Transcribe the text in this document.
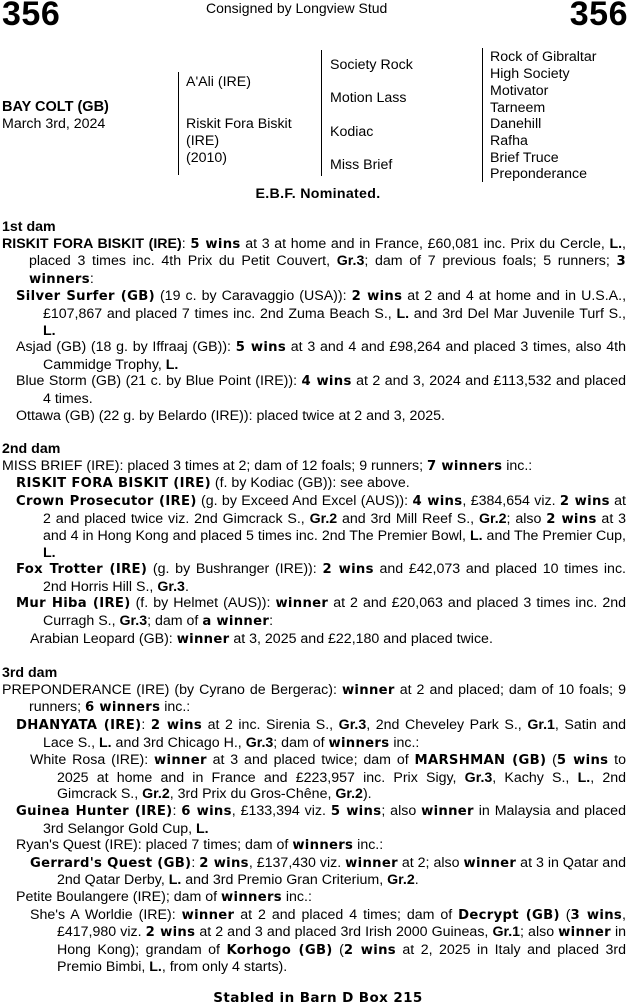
356	356
Consigned by Longview Stud
BAY COLT (GB)
March 3rd, 2024
A'Ali (IRE)
Riskit Fora Biskit
(IRE)
(2010)
Society Rock
Motion Lass
Kodiac
Miss Brief
Rock of Gibraltar
High Society
Motivator
Tarneem
Danehill
Rafha
Brief Truce
Preponderance
E.B.F. Nominated.
1st dam

RISKIT FORA BISKIT (IRE): 5 wins at 3 at home and in France, £60,081 inc. Prix du Cercle, L., placed 3 times inc. 4th Prix du Petit Couvert, Gr.3; dam of 7 previous foals; 5 runners; 3 winners:

Silver Surfer (GB) (19 c. by Caravaggio (USA)): 2 wins at 2 and 4 at home and in U.S.A., £107,867 and placed 7 times inc. 2nd Zuma Beach S., L. and 3rd Del Mar Juvenile Turf S., L.

Asjad (GB) (18 g. by Iffraaj (GB)): 5 wins at 3 and 4 and £98,264 and placed 3 times, also 4th Cammidge Trophy, L.

Blue Storm (GB) (21 c. by Blue Point (IRE)): 4 wins at 2 and 3, 2024 and £113,532 and placed 4 times.

Ottawa (GB) (22 g. by Belardo (IRE)): placed twice at 2 and 3, 2025.

2nd dam

MISS BRIEF (IRE): placed 3 times at 2; dam of 12 foals; 9 runners; 7 winners inc.:

RISKIT FORA BISKIT (IRE) (f. by Kodiac (GB)): see above.

Crown Prosecutor (IRE) (g. by Exceed And Excel (AUS)): 4 wins, £384,654 viz. 2 wins at 2 and placed twice viz. 2nd Gimcrack S., Gr.2 and 3rd Mill Reef S., Gr.2; also 2 wins at 3 and 4 in Hong Kong and placed 5 times inc. 2nd The Premier Bowl, L. and The Premier Cup, L.

Fox Trotter (IRE) (g. by Bushranger (IRE)): 2 wins and £42,073 and placed 10 times inc. 2nd Horris Hill S., Gr.3.

Mur Hiba (IRE) (f. by Helmet (AUS)): winner at 2 and £20,063 and placed 3 times inc. 2nd Curragh S., Gr.3; dam of a winner:

Arabian Leopard (GB): winner at 3, 2025 and £22,180 and placed twice.

3rd dam

PREPONDERANCE (IRE) (by Cyrano de Bergerac): winner at 2 and placed; dam of 10 foals; 9 runners; 6 winners inc.:

DHANYATA (IRE): 2 wins at 2 inc. Sirenia S., Gr.3, 2nd Cheveley Park S., Gr.1, Satin and Lace S., L. and 3rd Chicago H., Gr.3; dam of winners inc.:

White Rosa (IRE): winner at 3 and placed twice; dam of MARSHMAN (GB) (5 wins to 2025 at home and in France and £223,957 inc. Prix Sigy, Gr.3, Kachy S., L., 2nd Gimcrack S., Gr.2, 3rd Prix du Gros-Chêne, Gr.2).

Guinea Hunter (IRE): 6 wins, £133,394 viz. 5 wins; also winner in Malaysia and placed 3rd Selangor Gold Cup, L.

Ryan's Quest (IRE): placed 7 times; dam of winners inc.:

Gerrard's Quest (GB): 2 wins, £137,430 viz. winner at 2; also winner at 3 in Qatar and 2nd Qatar Derby, L. and 3rd Premio Gran Criterium, Gr.2.

Petite Boulangere (IRE); dam of winners inc.:

She's A Worldie (IRE): winner at 2 and placed 4 times; dam of Decrypt (GB) (3 wins, £417,980 viz. 2 wins at 2 and 3 and placed 3rd Irish 2000 Guineas, Gr.1; also winner in Hong Kong); grandam of Korhogo (GB) (2 wins at 2, 2025 in Italy and placed 3rd Premio Bimbi, L., from only 4 starts).

Stabled in Barn D Box 215
